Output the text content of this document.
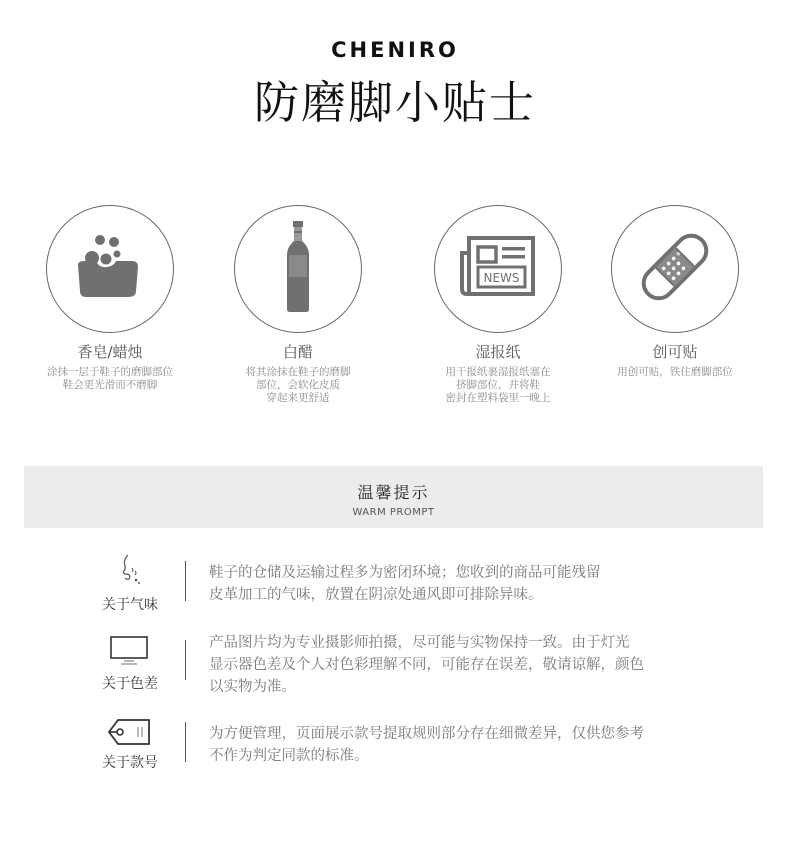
CHENIRO
防磨脚小贴士
香皂/蜡烛
涂抹一层于鞋子的磨脚部位
鞋会更光滑而不磨脚
白醋
将其涂抹在鞋子的磨脚
部位，会软化皮质
穿起来更舒适
NEWS
湿报纸
用干报纸裹湿报纸塞在
挤脚部位，并将鞋
密封在塑料袋里一晚上
创可贴
用创可贴，铁住磨脚部位
温馨提示
WARM PROMPT
关于气味
鞋子的仓储及运输过程多为密闭环境；您收到的商品可能残留
皮革加工的气味，放置在阴凉处通风即可排除异味。
关于色差
产品图片均为专业摄影师拍摄，尽可能与实物保持一致。由于灯光
显示器色差及个人对色彩理解不同，可能存在误差，敬请谅解，颜色
以实物为准。
关于款号
为方便管理，页面展示款号提取规则部分存在细微差异，仅供您参考
不作为判定同款的标准。
